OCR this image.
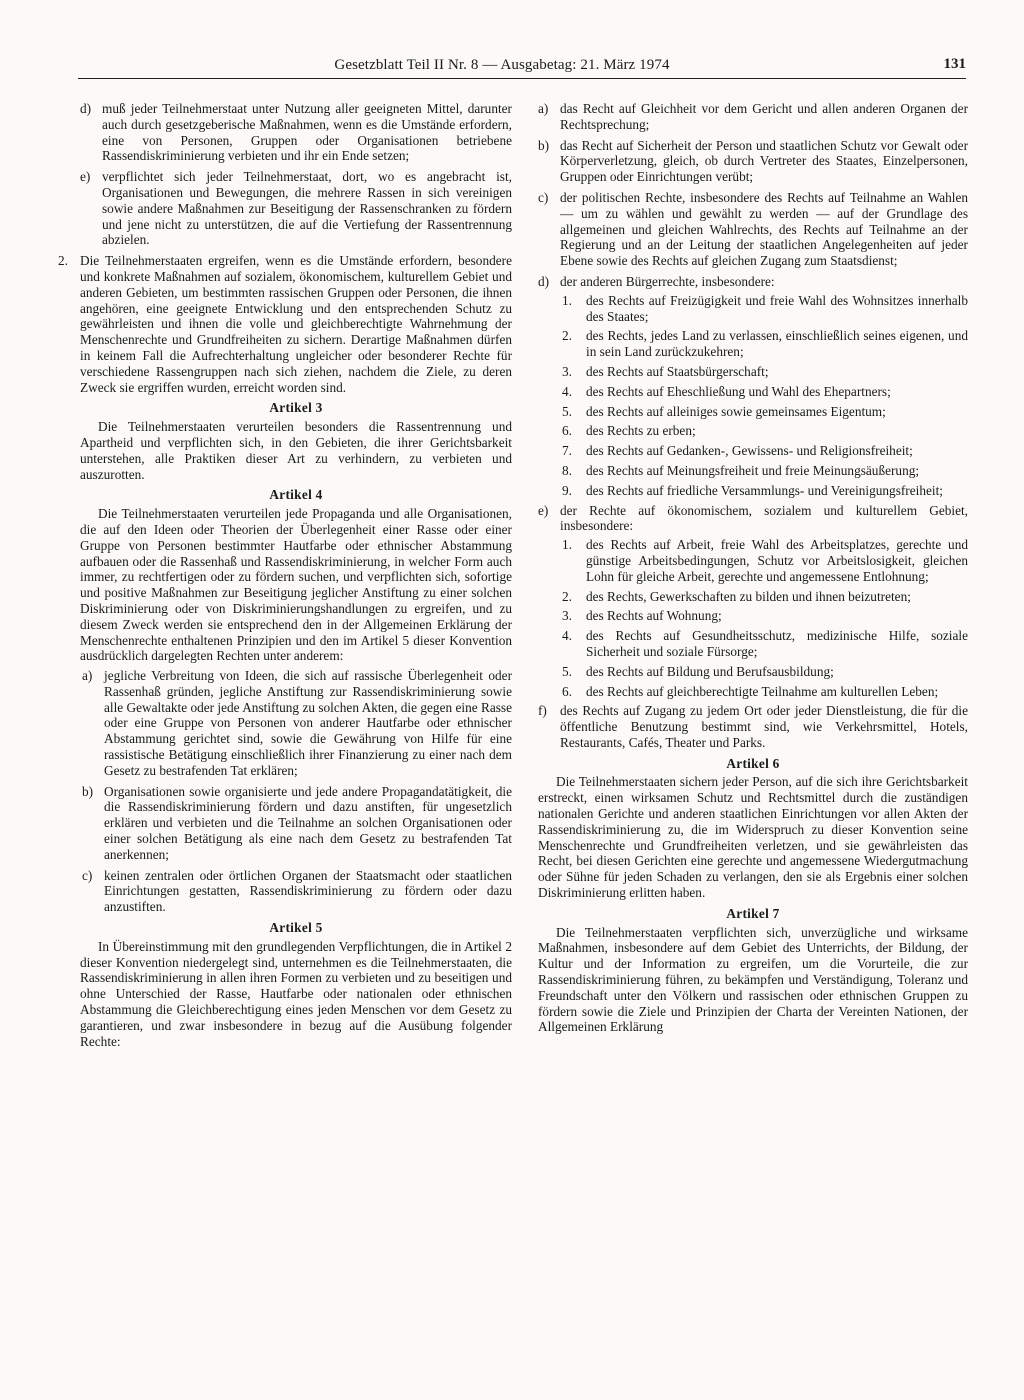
Gesetzblatt Teil II Nr. 8 — Ausgabetag: 21. März 1974	131
d) muß jeder Teilnehmerstaat unter Nutzung aller geeigneten Mittel, darunter auch durch gesetzgeberische Maßnahmen, wenn es die Umstände erfordern, eine von Personen, Gruppen oder Organisationen betriebene Rassendiskriminierung verbieten und ihr ein Ende setzen;
e) verpflichtet sich jeder Teilnehmerstaat, dort, wo es angebracht ist, Organisationen und Bewegungen, die mehrere Rassen in sich vereinigen sowie andere Maßnahmen zur Beseitigung der Rassenschranken zu fördern und jene nicht zu unterstützen, die auf die Vertiefung der Rassentrennung abzielen.
2. Die Teilnehmerstaaten ergreifen, wenn es die Umstände erfordern, besondere und konkrete Maßnahmen auf sozialem, ökonomischem, kulturellem Gebiet und anderen Gebieten, um bestimmten rassischen Gruppen oder Personen, die ihnen angehören, eine geeignete Entwicklung und den entsprechenden Schutz zu gewährleisten und ihnen die volle und gleichberechtigte Wahrnehmung der Menschenrechte und Grundfreiheiten zu sichern. Derartige Maßnahmen dürfen in keinem Fall die Aufrechterhaltung ungleicher oder besonderer Rechte für verschiedene Rassengruppen nach sich ziehen, nachdem die Ziele, zu deren Zweck sie ergriffen wurden, erreicht worden sind.
Artikel 3
Die Teilnehmerstaaten verurteilen besonders die Rassentrennung und Apartheid und verpflichten sich, in den Gebieten, die ihrer Gerichtsbarkeit unterstehen, alle Praktiken dieser Art zu verhindern, zu verbieten und auszurotten.
Artikel 4
Die Teilnehmerstaaten verurteilen jede Propaganda und alle Organisationen, die auf den Ideen oder Theorien der Überlegenheit einer Rasse oder einer Gruppe von Personen bestimmter Hautfarbe oder ethnischer Abstammung aufbauen oder die Rassenhaß und Rassendiskriminierung, in welcher Form auch immer, zu rechtfertigen oder zu fördern suchen, und verpflichten sich, sofortige und positive Maßnahmen zur Beseitigung jeglicher Anstiftung zu einer solchen Diskriminierung oder von Diskriminierungshandlungen zu ergreifen, und zu diesem Zweck werden sie entsprechend den in der Allgemeinen Erklärung der Menschenrechte enthaltenen Prinzipien und den im Artikel 5 dieser Konvention ausdrücklich dargelegten Rechten unter anderem:
a) jegliche Verbreitung von Ideen, die sich auf rassische Überlegenheit oder Rassenhaß gründen, jegliche Anstiftung zur Rassendiskriminierung sowie alle Gewaltakte oder jede Anstiftung zu solchen Akten, die gegen eine Rasse oder eine Gruppe von Personen von anderer Hautfarbe oder ethnischer Abstammung gerichtet sind, sowie die Gewährung von Hilfe für eine rassistische Betätigung einschließlich ihrer Finanzierung zu einer nach dem Gesetz zu bestrafenden Tat erklären;
b) Organisationen sowie organisierte und jede andere Propagandatätigkeit, die die Rassendiskriminierung fördern und dazu anstiften, für ungesetzlich erklären und verbieten und die Teilnahme an solchen Organisationen oder einer solchen Betätigung als eine nach dem Gesetz zu bestrafenden Tat anerkennen;
c) keinen zentralen oder örtlichen Organen der Staatsmacht oder staatlichen Einrichtungen gestatten, Rassendiskriminierung zu fördern oder dazu anzustiften.
Artikel 5
In Übereinstimmung mit den grundlegenden Verpflichtungen, die in Artikel 2 dieser Konvention niedergelegt sind, unternehmen es die Teilnehmerstaaten, die Rassendiskriminierung in allen ihren Formen zu verbieten und zu beseitigen und ohne Unterschied der Rasse, Hautfarbe oder nationalen oder ethnischen Abstammung die Gleichberechtigung eines jeden Menschen vor dem Gesetz zu garantieren, und zwar insbesondere in bezug auf die Ausübung folgender Rechte:
a) das Recht auf Gleichheit vor dem Gericht und allen anderen Organen der Rechtsprechung;
b) das Recht auf Sicherheit der Person und staatlichen Schutz vor Gewalt oder Körperverletzung, gleich, ob durch Vertreter des Staates, Einzelpersonen, Gruppen oder Einrichtungen verübt;
c) der politischen Rechte, insbesondere des Rechts auf Teilnahme an Wahlen — um zu wählen und gewählt zu werden — auf der Grundlage des allgemeinen und gleichen Wahlrechts, des Rechts auf Teilnahme an der Regierung und an der Leitung der staatlichen Angelegenheiten auf jeder Ebene sowie des Rechts auf gleichen Zugang zum Staatsdienst;
d) der anderen Bürgerrechte, insbesondere:
1. des Rechts auf Freizügigkeit und freie Wahl des Wohnsitzes innerhalb des Staates;
2. des Rechts, jedes Land zu verlassen, einschließlich seines eigenen, und in sein Land zurückzukehren;
3. des Rechts auf Staatsbürgerschaft;
4. des Rechts auf Eheschließung und Wahl des Ehepartners;
5. des Rechts auf alleiniges sowie gemeinsames Eigentum;
6. des Rechts zu erben;
7. des Rechts auf Gedanken-, Gewissens- und Religionsfreiheit;
8. des Rechts auf Meinungsfreiheit und freie Meinungsäußerung;
9. des Rechts auf friedliche Versammlungs- und Vereinigungsfreiheit;
e) der Rechte auf ökonomischem, sozialem und kulturellem Gebiet, insbesondere:
1. des Rechts auf Arbeit, freie Wahl des Arbeitsplatzes, gerechte und günstige Arbeitsbedingungen, Schutz vor Arbeitslosigkeit, gleichen Lohn für gleiche Arbeit, gerechte und angemessene Entlohnung;
2. des Rechts, Gewerkschaften zu bilden und ihnen beizutreten;
3. des Rechts auf Wohnung;
4. des Rechts auf Gesundheitsschutz, medizinische Hilfe, soziale Sicherheit und soziale Fürsorge;
5. des Rechts auf Bildung und Berufsausbildung;
6. des Rechts auf gleichberechtigte Teilnahme am kulturellen Leben;
f) des Rechts auf Zugang zu jedem Ort oder jeder Dienstleistung, die für die öffentliche Benutzung bestimmt sind, wie Verkehrsmittel, Hotels, Restaurants, Cafés, Theater und Parks.
Artikel 6
Die Teilnehmerstaaten sichern jeder Person, auf die sich ihre Gerichtsbarkeit erstreckt, einen wirksamen Schutz und Rechtsmittel durch die zuständigen nationalen Gerichte und anderen staatlichen Einrichtungen vor allen Akten der Rassendiskriminierung zu, die im Widerspruch zu dieser Konvention seine Menschenrechte und Grundfreiheiten verletzen, und sie gewährleisten das Recht, bei diesen Gerichten eine gerechte und angemessene Wiedergutmachung oder Sühne für jeden Schaden zu verlangen, den sie als Ergebnis einer solchen Diskriminierung erlitten haben.
Artikel 7
Die Teilnehmerstaaten verpflichten sich, unverzügliche und wirksame Maßnahmen, insbesondere auf dem Gebiet des Unterrichts, der Bildung, der Kultur und der Information zu ergreifen, um die Vorurteile, die zur Rassendiskriminierung führen, zu bekämpfen und Verständigung, Toleranz und Freundschaft unter den Völkern und rassischen oder ethnischen Gruppen zu fördern sowie die Ziele und Prinzipien der Charta der Vereinten Nationen, der Allgemeinen Erklärung
